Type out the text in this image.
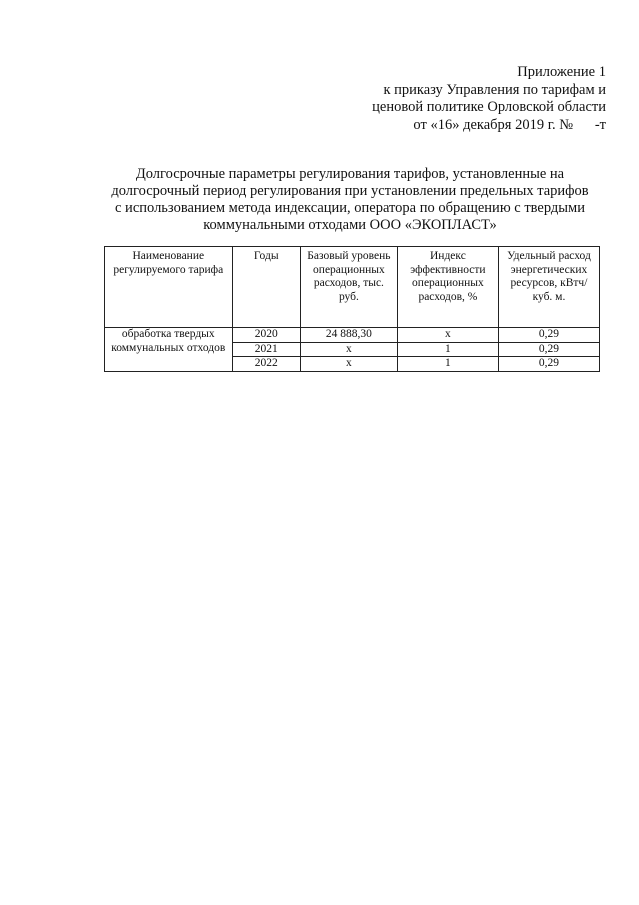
Приложение 1
к приказу Управления по тарифам и
ценовой политике Орловской области
от «16» декабря 2019 г. №      -т
Долгосрочные параметры регулирования тарифов, установленные на
долгосрочный период регулирования при установлении предельных тарифов
с использованием метода индексации, оператора по обращению с твердыми
коммунальными отходами ООО «ЭКОПЛАСТ»
Наименование регулируемого тарифа	Годы	Базовый уровень операционных расходов, тыс. руб.	Индекс эффективности операционных расходов, %	Удельный расход энергетических ресурсов, кВтч/куб. м.
обработка твердых коммунальных отходов	2020	24 888,30	х	0,29
	2021	х	1	0,29
	2022	х	1	0,29
